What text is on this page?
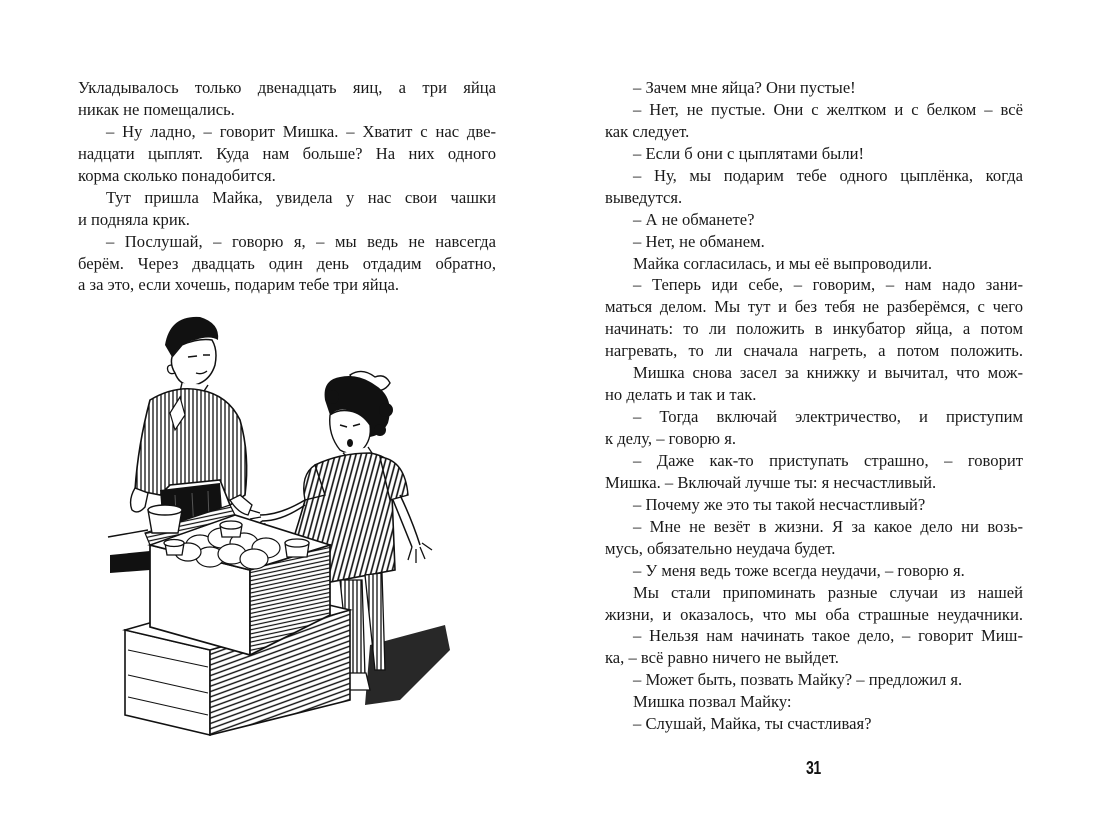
Укладывалось только двенадцать яиц, а три яйца
никак не помещались.
– Ну ладно, – говорит Мишка. – Хватит с нас две-
надцати цыплят. Куда нам больше? На них одного
корма сколько понадобится.
Тут пришла Майка, увидела у нас свои чашки
и подняла крик.
– Послушай, – говорю я, – мы ведь не навсегда
берём. Через двадцать один день отдадим обратно,
а за это, если хочешь, подарим тебе три яйца.
– Зачем мне яйца? Они пустые!
– Нет, не пустые. Они с желтком и с белком – всё
как следует.
– Если б они с цыплятами были!
– Ну, мы подарим тебе одного цыплёнка, когда
выведутся.
– А не обманете?
– Нет, не обманем.
Майка согласилась, и мы её выпроводили.
– Теперь иди себе, – говорим, – нам надо зани-
маться делом. Мы тут и без тебя не разберёмся, с чего
начинать: то ли положить в инкубатор яйца, а потом
нагревать, то ли сначала нагреть, а потом положить.
Мишка снова засел за книжку и вычитал, что мож-
но делать и так и так.
– Тогда включай электричество, и приступим
к делу, – говорю я.
– Даже как-то приступать страшно, – говорит
Мишка. – Включай лучше ты: я несчастливый.
– Почему же это ты такой несчастливый?
– Мне не везёт в жизни. Я за какое дело ни возь-
мусь, обязательно неудача будет.
– У меня ведь тоже всегда неудачи, – говорю я.
Мы стали припоминать разные случаи из нашей
жизни, и оказалось, что мы оба страшные неудачники.
– Нельзя нам начинать такое дело, – говорит Миш-
ка, – всё равно ничего не выйдет.
– Может быть, позвать Майку? – предложил я.
Мишка позвал Майку:
– Слушай, Майка, ты счастливая?
31
